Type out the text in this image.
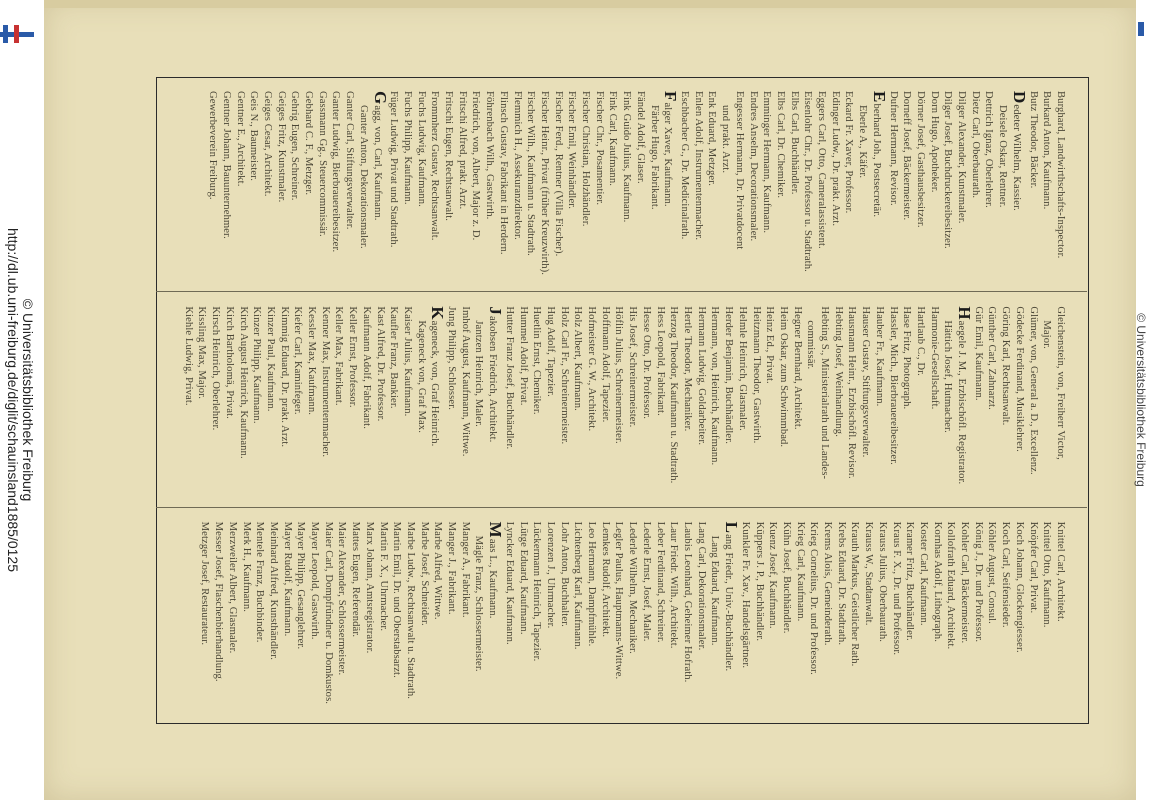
http://dl.ub.uni-freiburg.de/diglit/schauinsland1885/0125 © Universitätsbibliothek Freiburg	© Universitätsbibliothek Freiburg
Burghard, Landwirthschafts-Inspector.
Burkard Anton, Kaufmann.
Butz Theodor, Bäcker.
Dedeter Wilhelm, Kassier.
Deisele Oskar, Rentner.
Dettrich Ignaz, Oberlehrer.
Dietz Carl, Oberbaurath.
Dilger Alexander, Kunstmaler.
Dilger Josef, Buchdruckereibesitzer.
Dorn Hugo, Apotheker.
Dörner Josef, Gasthausbesitzer.
Dorneff Josef, Bäckermeister.
Dufner Hermann, Revisor.
Eberhard Joh., Postsecretär.
Eberle A., Käfer.
Eckard Fr. Xaver, Professor.
Edinger Ludw., Dr. prakt. Arzt.
Eggers Carl, Otto, Cameralassistent.
Eisenlohr Chr., Dr. Professor u. Stadtrath.
Elbs Carl, Buchhändler.
Elbs Carl, Dr. Chemiker.
Emminger Hermann, Kaufmann.
Endres Anselm, Decorationsmaler.
Engesser Hermann, Dr. Privatdocent
und prakt. Arzt.
Enk Eduard, Metzger.
Enlen Adolf, Instrumentenmacher.
Eschbacher G., Dr. Medicinalrath.
Falger Xaver, Kaufmann.
Färber Hugo, Fabrikant.
Fändel Adolf, Glaser.
Fink Guido Julius, Kaufmann.
Fink Carl, Kaufmann.
Fischer Chr., Posamentier.
Fischer Christian, Holzhändler.
Fischer Emil, Weinhändler.
Fischer Ferd., Rentner (Villa Fischer).
Fischer Heinr., Privat (früher Kreuzwirth).
Fischer Wilh., Kaufmann u. Stadtrath.
Flemmich H., Assekuranzdirektor.
Flinsch Gustav, Fabrikant in Herdern.
Föhrenbach Wilh., Gastwirth.
Friedrich, von, Albert, Major z. D.
Fritschi Alfred, prakt. Arzt.
Fritschi Eugen, Rechtsanwalt.
Frommherz Gustav, Rechtsanwalt.
Fuchs Ludwig, Kaufmann.
Fuchs Philipp, Kaufmann.
Füger Ludwig, Privat und Stadtrath.
Gagg, von, Carl, Kaufmann.
Ganter Anton, Dekorationsmaler.
Ganter Carl, Stiftungsverwalter.
Ganter Ludwig, Bierbrauereibesitzer.
Gassmann Gg., Steuercommissär.
Gebhard C. F., Metzger.
Gehrig Eugen, Schreiner.
Geiges Fritz, Kunstmaler.
Geiges Cesar, Architekt.
Geis N., Baumeister.
Gentner E., Architekt.
Gentner Johann, Bauunternehmer.
Gewerbeverein Freiburg.
Gleichenstein, von, Freiherr Victor,
Major.
Glümer, von, General a. D., Excellenz.
Gödecke Ferdinand, Musiklehrer.
Göring Karl, Rechtsanwalt.
Günther Carl, Zahnarzt.
Gür Emil, Kaufmann.
Haegele J. M., Erzbischöfl. Registrator.
Hättich Josef, Hutmacher.
Harmonie-Gesellschaft.
Hartlaub C., Dr.
Hase Fritz, Photograph.
Hassler, Mich., Bierbrauereibesitzer.
Hauber Fr., Kaufmann.
Hauser Gustav, Stiftungsverwalter.
Hausmann Heinr., Erzbischöfl. Revisor.
Hebting Josef, Weinhandlung.
Hebting S., Ministerialrath und Landes-
commissär.
Hegner Bernhard, Architekt.
Heim Oskar, zum Schwimmbad.
Heinz Ed., Privat.
Heitzmann Theodor, Gastwirth.
Helmle Heinrich, Glasmaler.
Herder Benjamin, Buchhändler.
Hermann, von, Heinrich, Kaufmann.
Hermann Ludwig, Goldarbeiter.
Hertle Theodor, Mechaniker.
Herzog Theodor, Kaufmann u. Stadtrath.
Hess Leopold, Fabrikant.
Hesse Otto, Dr. Professor.
His Josef, Schreinermeister.
Höflin Julius, Schreinermeister.
Hoffmann Adolf, Tapezier.
Hofmeister G. W., Architekt.
Holz Albert, Kaufmann.
Holz Carl Fr., Schreinermeister.
Hug Adolf, Tapezier.
Huetlin Ernst, Chemiker.
Hummel Adolf, Privat.
Hutter Franz Josef, Buchhändler.
Jakobsen Friedrich, Architekt.
Jantzen Heinrich, Maler.
Imhof August, Kaufmann, Wittwe.
Jung Philipp, Schlosser.
Kageneck, von, Graf Heinrich.
Kageneck von, Graf Max.
Kaiser Julius, Kaufmann.
Kaufler Franz, Bankier.
Kast Alfred, Dr. Professor.
Kaufmann Adolf, Fabrikant.
Keller Ernst, Professor.
Keller Max, Fabrikant.
Kenner Max, Instrumentenmacher.
Kessler Max, Kaufmann.
Kiefer Carl, Kaminfeger.
Kimmig Eduard, Dr. prakt. Arzt.
Kinzer Paul, Kaufmann.
Kinzer Philipp, Kaufmann.
Kirch August Heinrich, Kaufmann.
Kirch Bartholomä, Privat.
Kirsch Heinrich, Oberlehrer.
Kissling Max, Major.
Kiehle Ludwig, Privat.
Knittel Carl, Architekt.
Knittel Otto, Kaufmann.
Knöpfer Carl, Privat.
Koch Johann, Glockengiesser.
Koch Carl, Seifensieder.
Köhler August, Consul.
König J., Dr. und Professor.
Kohler Carl, Bäckermeister.
Kollofrath Eduard, Architekt.
Kornhas Adolf, Lithograph.
Koster Carl, Kaufmann.
Kramer Fritz, Buchhändler.
Kraus F. X., Dr. und Professor.
Krauss Julius, Oberbaurath.
Krauss W., Stadtanwalt.
Krauth Markus, Geistlicher Rath.
Krebs Eduard, Dr. Stadtrath.
Krems Alois, Gemeinderath.
Krieg Cornelius, Dr. und Professor.
Krieg Carl, Kaufmann.
Kühn Josef, Buchhändler.
Kuenz Josef, Kaufmann.
Küppers J. P., Buchhändler.
Kunkler Fr. Xav., Handelsgärtner.
Lang Friedr., Univ.-Buchhändler.
Lang Eduard, Kaufmann.
Lang Carl, Dekorationsmaler.
Laubis Leonhard, Geheimer Hofrath.
Laur Friedr. Wilh., Architekt.
Leber Ferdinand, Schreiner.
Lederle Ernst, Josef, Maler.
Lederle Wilhelm, Mechaniker.
Legler Paulus, Hauptmanns-Wittwe.
Lemkes Rudolf, Architekt.
Leo Hermann, Dampfmühle.
Lichtenberg Karl, Kaufmann.
Lohr Anton, Buchhalter.
Lorenzen J., Uhrmacher.
Lückermann Heinrich, Tapezier.
Lütge Eduard, Kaufmann.
Lyncker Eduard, Kaufmann.
Maas L., Kaufmann.
Mägle Franz, Schlossermeister.
Manger A., Fabrikant.
Manger J., Fabrikant.
Marbe Alfred, Wittwe.
Marbe Josef, Schneider.
Marbe Ludw., Rechtsanwalt u. Stadtrath.
Martin Emil, Dr. und Oberstabsarzt.
Martin F. X., Uhrmacher.
Marx Johann, Amtsregistrator.
Mattes Eugen, Referendär.
Maier Alexander, Schlossermeister.
Maier Carl, Dompfründner u. Domkustos.
Mayer Leopold, Gastwirth.
Mayer Philipp, Gesanglehrer.
Mayer Rudolf, Kaufmann.
Meinhard Alfred, Kunsthändler.
Mentele Franz, Buchbinder.
Merk H., Kaufmann.
Merzweiler Albert, Glasmaler.
Messer Josef, Flaschenbierhandlung.
Metzger Josef, Restaurateur.
